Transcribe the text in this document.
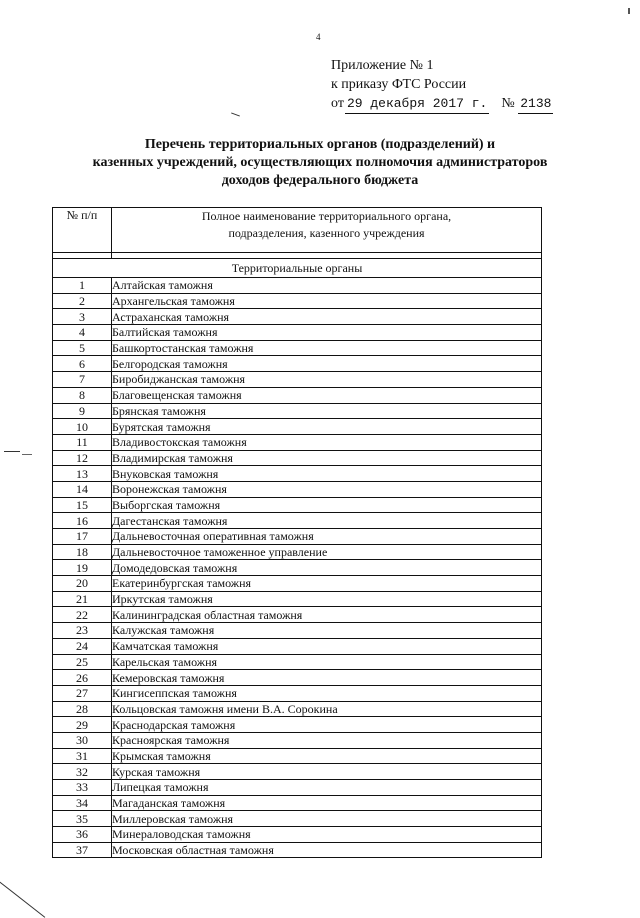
4
Приложение № 1
к приказу ФТС России
от 29 декабря 2017 г. № 2138
Перечень территориальных органов (подразделений) и
казенных учреждений, осуществляющих полномочия администраторов
доходов федерального бюджета
№ п/п	Полное наименование территориального органа,
подразделения, казенного учреждения

Территориальные органы	
1	Алтайская таможня
2	Архангельская таможня
3	Астраханская таможня
4	Балтийская таможня
5	Башкортостанская таможня
6	Белгородская таможня
7	Биробиджанская таможня
8	Благовещенская таможня
9	Брянская таможня
10	Бурятская таможня
11	Владивостокская таможня
12	Владимирская таможня
13	Внуковская таможня
14	Воронежская таможня
15	Выборгская таможня
16	Дагестанская таможня
17	Дальневосточная оперативная таможня
18	Дальневосточное таможенное управление
19	Домодедовская таможня
20	Екатеринбургская таможня
21	Иркутская таможня
22	Калининградская областная таможня
23	Калужская таможня
24	Камчатская таможня
25	Карельская таможня
26	Кемеровская таможня
27	Кингисеппская таможня
28	Кольцовская таможня имени В.А. Сорокина
29	Краснодарская таможня
30	Красноярская таможня
31	Крымская таможня
32	Курская таможня
33	Липецкая таможня
34	Магаданская таможня
35	Миллеровская таможня
36	Минераловодская таможня
37	Московская областная таможня
